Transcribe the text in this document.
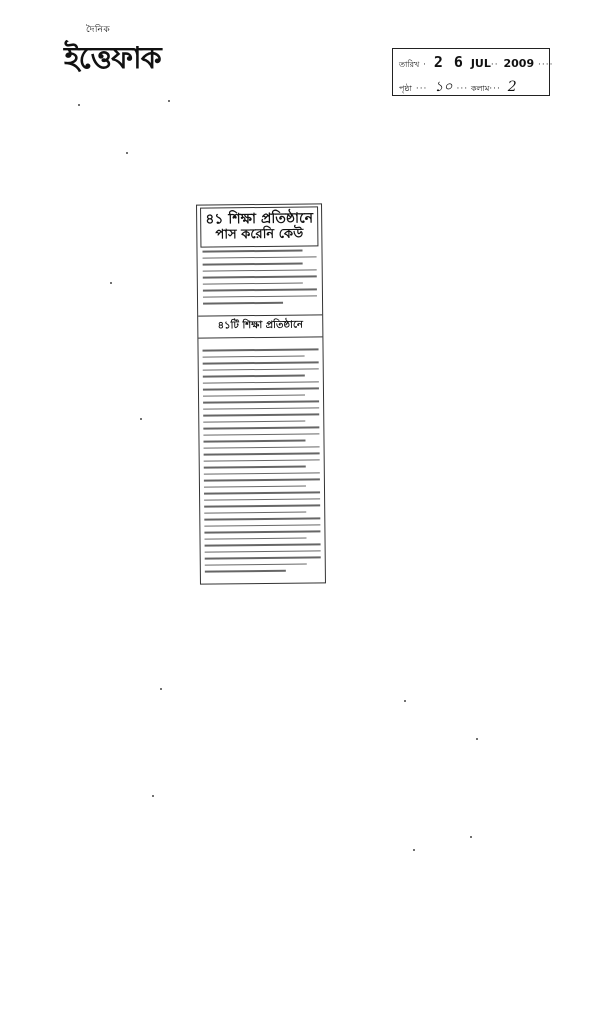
দৈনিক
ইত্তেফাক	তারিখ · 2 6 JUL·· 2009 ····
পৃষ্ঠা ··· ১০ ··· কলাম··· 2
৪১ শিক্ষা প্রতিষ্ঠানে
পাস করেনি কেউ
৪১টি শিক্ষা প্রতিষ্ঠানে
